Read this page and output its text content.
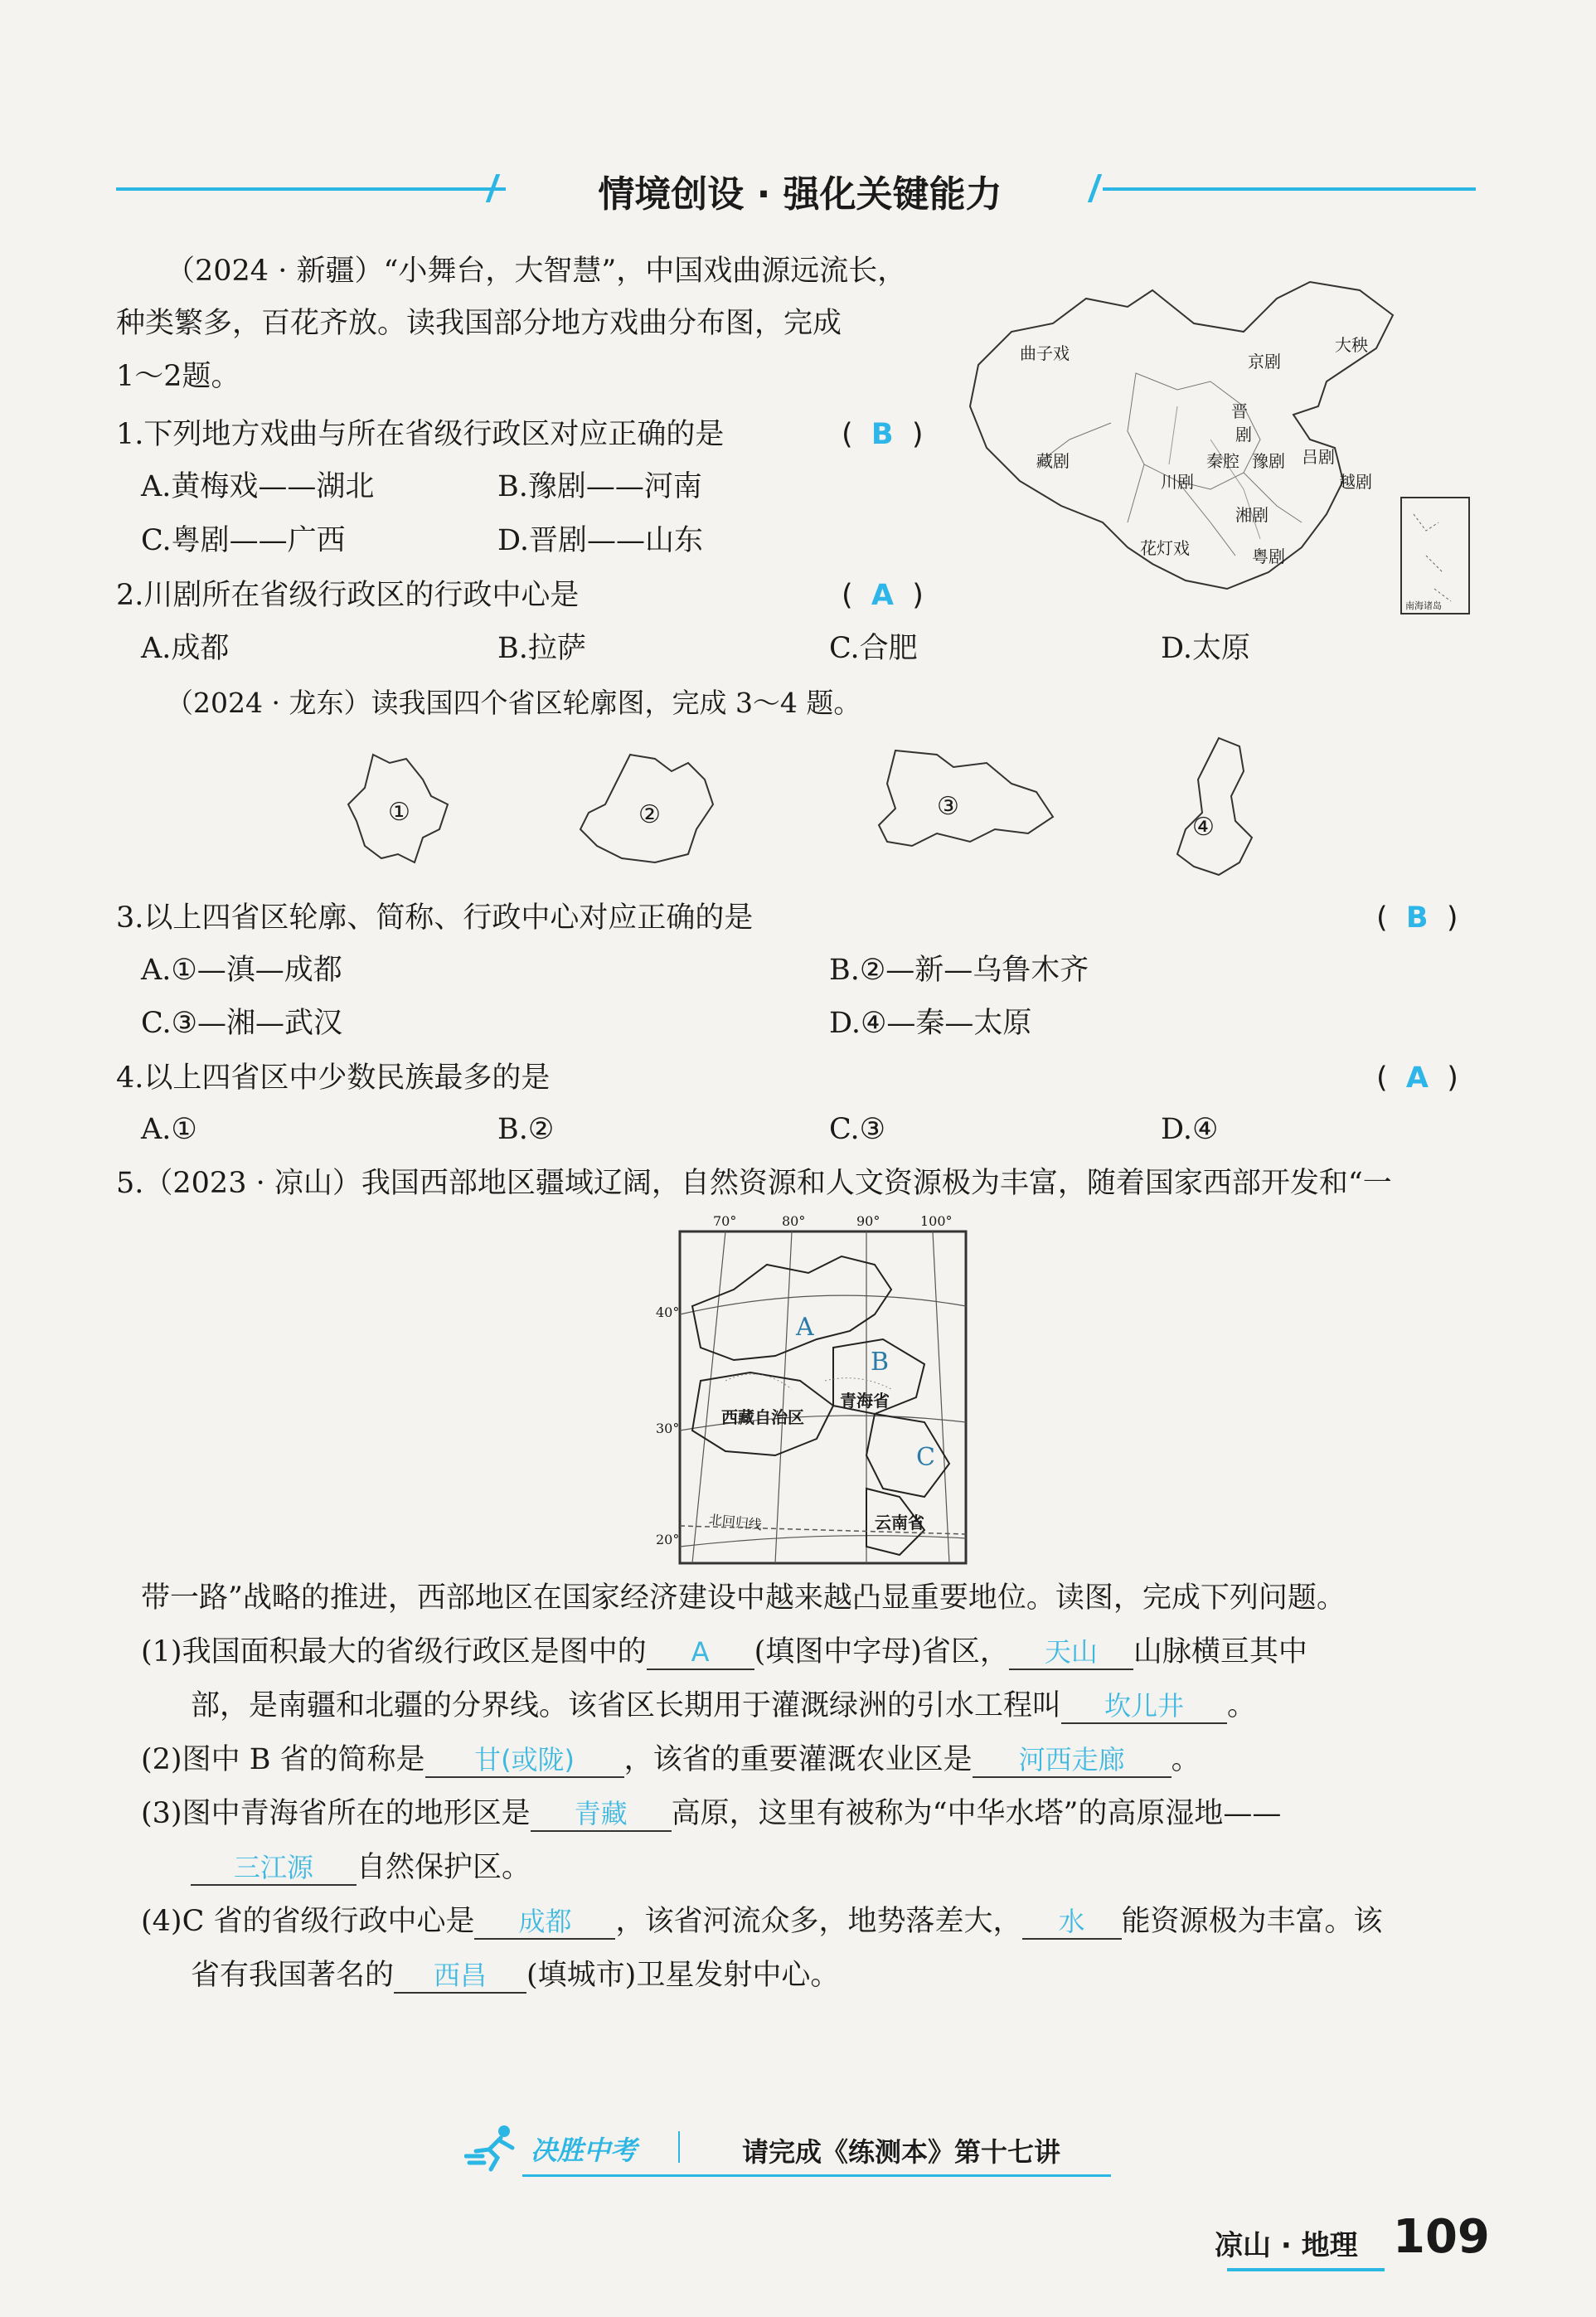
情境创设 · 强化关键能力
（2024 · 新疆）“小舞台，大智慧”，中国戏曲源远流长，
种类繁多，百花齐放。读我国部分地方戏曲分布图，完成
1～2题。
曲子戏	京剧
大秧
晋
剧
秦腔 豫剧 吕剧
藏剧
川剧	越剧
湘剧
花灯戏	粤剧
南海诸岛
1.下列地方戏曲与所在省级行政区对应正确的是	(  B  )
A.黄梅戏——湖北	B.豫剧——河南
C.粤剧——广西	D.晋剧——山东
2.川剧所在省级行政区的行政中心是	(  A  )
A.成都	B.拉萨	C.合肥	D.太原
（2024 · 龙东）读我国四个省区轮廓图，完成 3～4 题。
①	②	③
④
3.以上四省区轮廓、简称、行政中心对应正确的是	(  B  )
A.①—滇—成都	B.②—新—乌鲁木齐
C.③—湘—武汉	D.④—秦—太原
4.以上四省区中少数民族最多的是	(  A  )
A.①	B.②	C.③	D.④
5.（2023 · 凉山）我国西部地区疆域辽阔，自然资源和人文资源极为丰富，随着国家西部开发和“一
70°	80°	90°	100°
40°
30°
20°
A
B
C
青海省
西藏自治区
云南省
北回归线
带一路”战略的推进，西部地区在国家经济建设中越来越凸显重要地位。读图，完成下列问题。
(1)我国面积最大的省级行政区是图中的 A (填图中字母)省区， 天山 山脉横亘其中
部，是南疆和北疆的分界线。该省区长期用于灌溉绿洲的引水工程叫 坎儿井 。
(2)图中 B 省的简称是 甘(或陇) ，该省的重要灌溉农业区是 河西走廊 。
(3)图中青海省所在的地形区是 青藏 高原，这里有被称为“中华水塔”的高原湿地——
三江源 自然保护区。
(4)C 省的省级行政中心是 成都 ，该省河流众多，地势落差大， 水 能资源极为丰富。该
省有我国著名的 西昌 (填城市)卫星发射中心。
决胜中考	请完成《练测本》第十七讲
凉山 · 地理 109
